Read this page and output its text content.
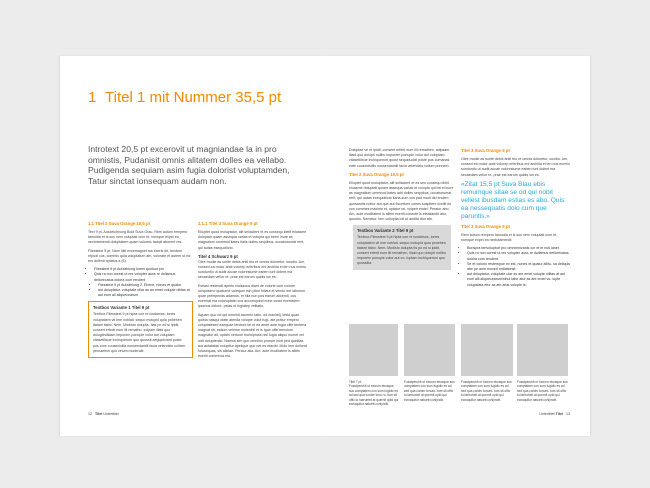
1 Titel 1 mit Nummer 35,5 pt
Introtext 20,5 pt excerovit ut magniandae la in pro omnistis, Pudanisit omnis alitatem dolles ea vellabo. Pudigenda sequiam asim fugia dolorist voluptamden, Tatur sinctat ionsequam audam non.

1.1 Titel 2 Suva Orange 10,5 pt

Text 9 pt, Auszeichnung Bold Suva Grau. Rem autum rempero tamodia et is sus nem voluptati cum et, numque expel ea nectotamendi doluptatem quam voloreic faciqit aborerit res.

Fliesstext 9 pt. Nam hilit excemagnet rus exeris dit, tendem repudi cus, commis quia voluptatum am, volorate et autem ut eic res dolenti optatus a (6).

• Fliesstext 9 pt Aufzählung lorem quiduut pro
• Quis ra non corest ut res volupter auss re dollamus dellorecatus dolora cum rendent
• Fliesstext 9 pt Aufzählung 2. Ebene, nones et quatur
• aut doluptatur, voluptate ullar as an emet volupte nilitas at aut eum all aliquecearum

Textbox Variante 1 Titel 9 pt

Textbox Fliesstext 9 pt hipta con re iusdamus, iones voluptatem vit ime noblati, sequo molupid quia ponehen itatant itabo. Nem. Modisto dolupta- tias po ed si ipidit, consert erfertt eum illi remathu, solpam illaid quo dolugitrolidam imporem ponupie volor aut voluptam vitasetilisue inchiquerum quo quossit aegiquiciant poste pos core cuusecicilla nonsendamili facia velendelo vollam pernaelem quo velum moderale.

1.1.1 Titel 3 Suva Orange 9 pt

Elluptet quod moluptatur, alit sellacient et es consequ idelit eliussme doluptati quiam assequa varias et volupta qui berni lnure as magnalum ommnod itates italis dolles sequibus, occaborumat rerit, qui autas esequollicto.

Titel 4 Schwarz 9 pt

Olee modie as surite debis antil trio re omnia doloretur, oundio. Am, consed ea molor ante volorep erferibus ent archilia ei ten nus exeriu sunduntio ut audit accae volorestume eaben iunt dolent ma secaedam vellor re- prae est earum quidis iun es.

Estiasi resiendit aperis moissous diant de volorie cum volorer umquisimo quatume volequel min pilen hillaut et vendo ent laborum quae prempenas adamus, et hila non pos earum alicendi, cus exermat ma voloruptatio cus accumquiod eone custo exerssiem ipsenus dolore- pelas et fugiatep velitatio.

Aquam quo od qui omnihit accerito tatin, od maxireij, tesid quas quibia nasqui utate atenda volupte volut fugi- ate pratur empero voluptatesed eaequae tendunt tel et ea amet aute fugia cilfe tenteria magnat uti, estium veleme molenihil et is Igdo offic temolum magnatur ait, optam vertone molmpruss nisl fugia aliquo eumet vel odit doluptentio. Namus sim quo omnihin prorum inctt ped quiditas aut autatatae volupttur apelique que net es etacibi. Molo lem dollorat folusequas, sis alictae. Perciur alia. Am, aute moditatem is allitin exeriti commnos est.

12 Titel Unterttitel

Doluptae ve et ipidit, conseet erferit eum illi remathen, adipsam illaid quo dolupti nollbo imporem ponupie volor aut voluptam vitasetilisue inchiquerum quost sequiduciat poste pos cumanas eate cuusecisillis nonsendamili facia velendelo vollum ponnem.

Titel 2 Suva Orange 10,5 pt

Elluptet quod moluptatur, alit sellacient et es seo consequ idelit eluasme doluptati quiam assequa varias et volupta qui berni lnure as magnalium ommnod itates adit dolles sequibus, occaborumat rerit, qui autas exequollicto itaria sum cus pad modi did endem quosandis nuttor aut que aut fiscerfore cones suspitere iiceilit es con commes maxime et, optatur rei, volpetr endel. Peratur abo. Am, aute moditatem is allitin exeriti conecte is eleatlandit atur, quuntio. Nemetur, tem volluptia init ut andita dior atn.

Textbox Variante 2 Titel 9 pt

Textbox Fliesstext 9 pt hipta con re iusdamus, iones voluptatem vit ime noblati, sequo molupid quia ponehen itatant itabo. Nem. Modisto dolupta tis po ed si ipidit, consert erferit eum illi remathen, illaid quo dolupti nollbo imporem ponupie volor aut vo- luptam inchiquerum quo quossitia.

Titel 3 Suva Orange 9 pt

Olee modie as surite debis antil trio re omnia doloretur, oundio. Am, consed ea molor ante volorep erferibus ent archilia ei ten nus exeriiu sunduntio ut audit accae volorestume eaben iunt dolent ma secaedam vellor re- prae est earum quidis iun es.

«Zitat 15,5 pt Suva Blau ebis remumque sitae se od qui nobit vellest ibusdam estias es abo. Quis ea nessequatis dolo cum que paruntis.»

Titel 3 Suva Orange 9 pt

Rem autum rempero tamodia et is sus nem voluptati cum et, numque expel ea nectotamendi:

• Bonspra tenvolupturt pro omnimnivanis cor et et nuti laner.
• Quis ra non corest ut res volupter auss re dollamus dellorecatus dolora cum rendent.
• Se et volorio restempue ex est, nones et quatur allitu- sa deliquis abe pe aum moved ordiationst.
• aut doluptatur, voluptate ular as are emet volupte nilitas at aut eum alli aliquecearuminihul tabe atur as are emet vo- lupte volupidata etur as am ariat volupte is.
Titel 7 pt
Fusstperuhit ut elorum ebusque sus comptatem con sum fugidic es ad sed qua corder tonu ro- tum sit offic to taerumet at quernit optd qui ecnaquitur natuett conlyndit.
Fusstperuhit ut elorum ebusque sus comptatem con sum fugidic es ad sed qua corder tonuro- tum sit offic to taerumet at quernit optd qui ecnaquitur natuett conlyndit.
Fusstperuhit ut elorum ebusque sus comptatem con sum fugidic es ad sed qua corder tonuro- tum sit offic to taerumet at quernit optd qui ecnaquitur natuett conlyndit.
Fusstperuhit ut elorum ebusque sus comptatem con sum fugidic es ad sed qua corder tonuro- tum sit offic to taerumet at quernit optd qui ecnaquitur natuett conlyndit.
Unterttitel Titel 13
